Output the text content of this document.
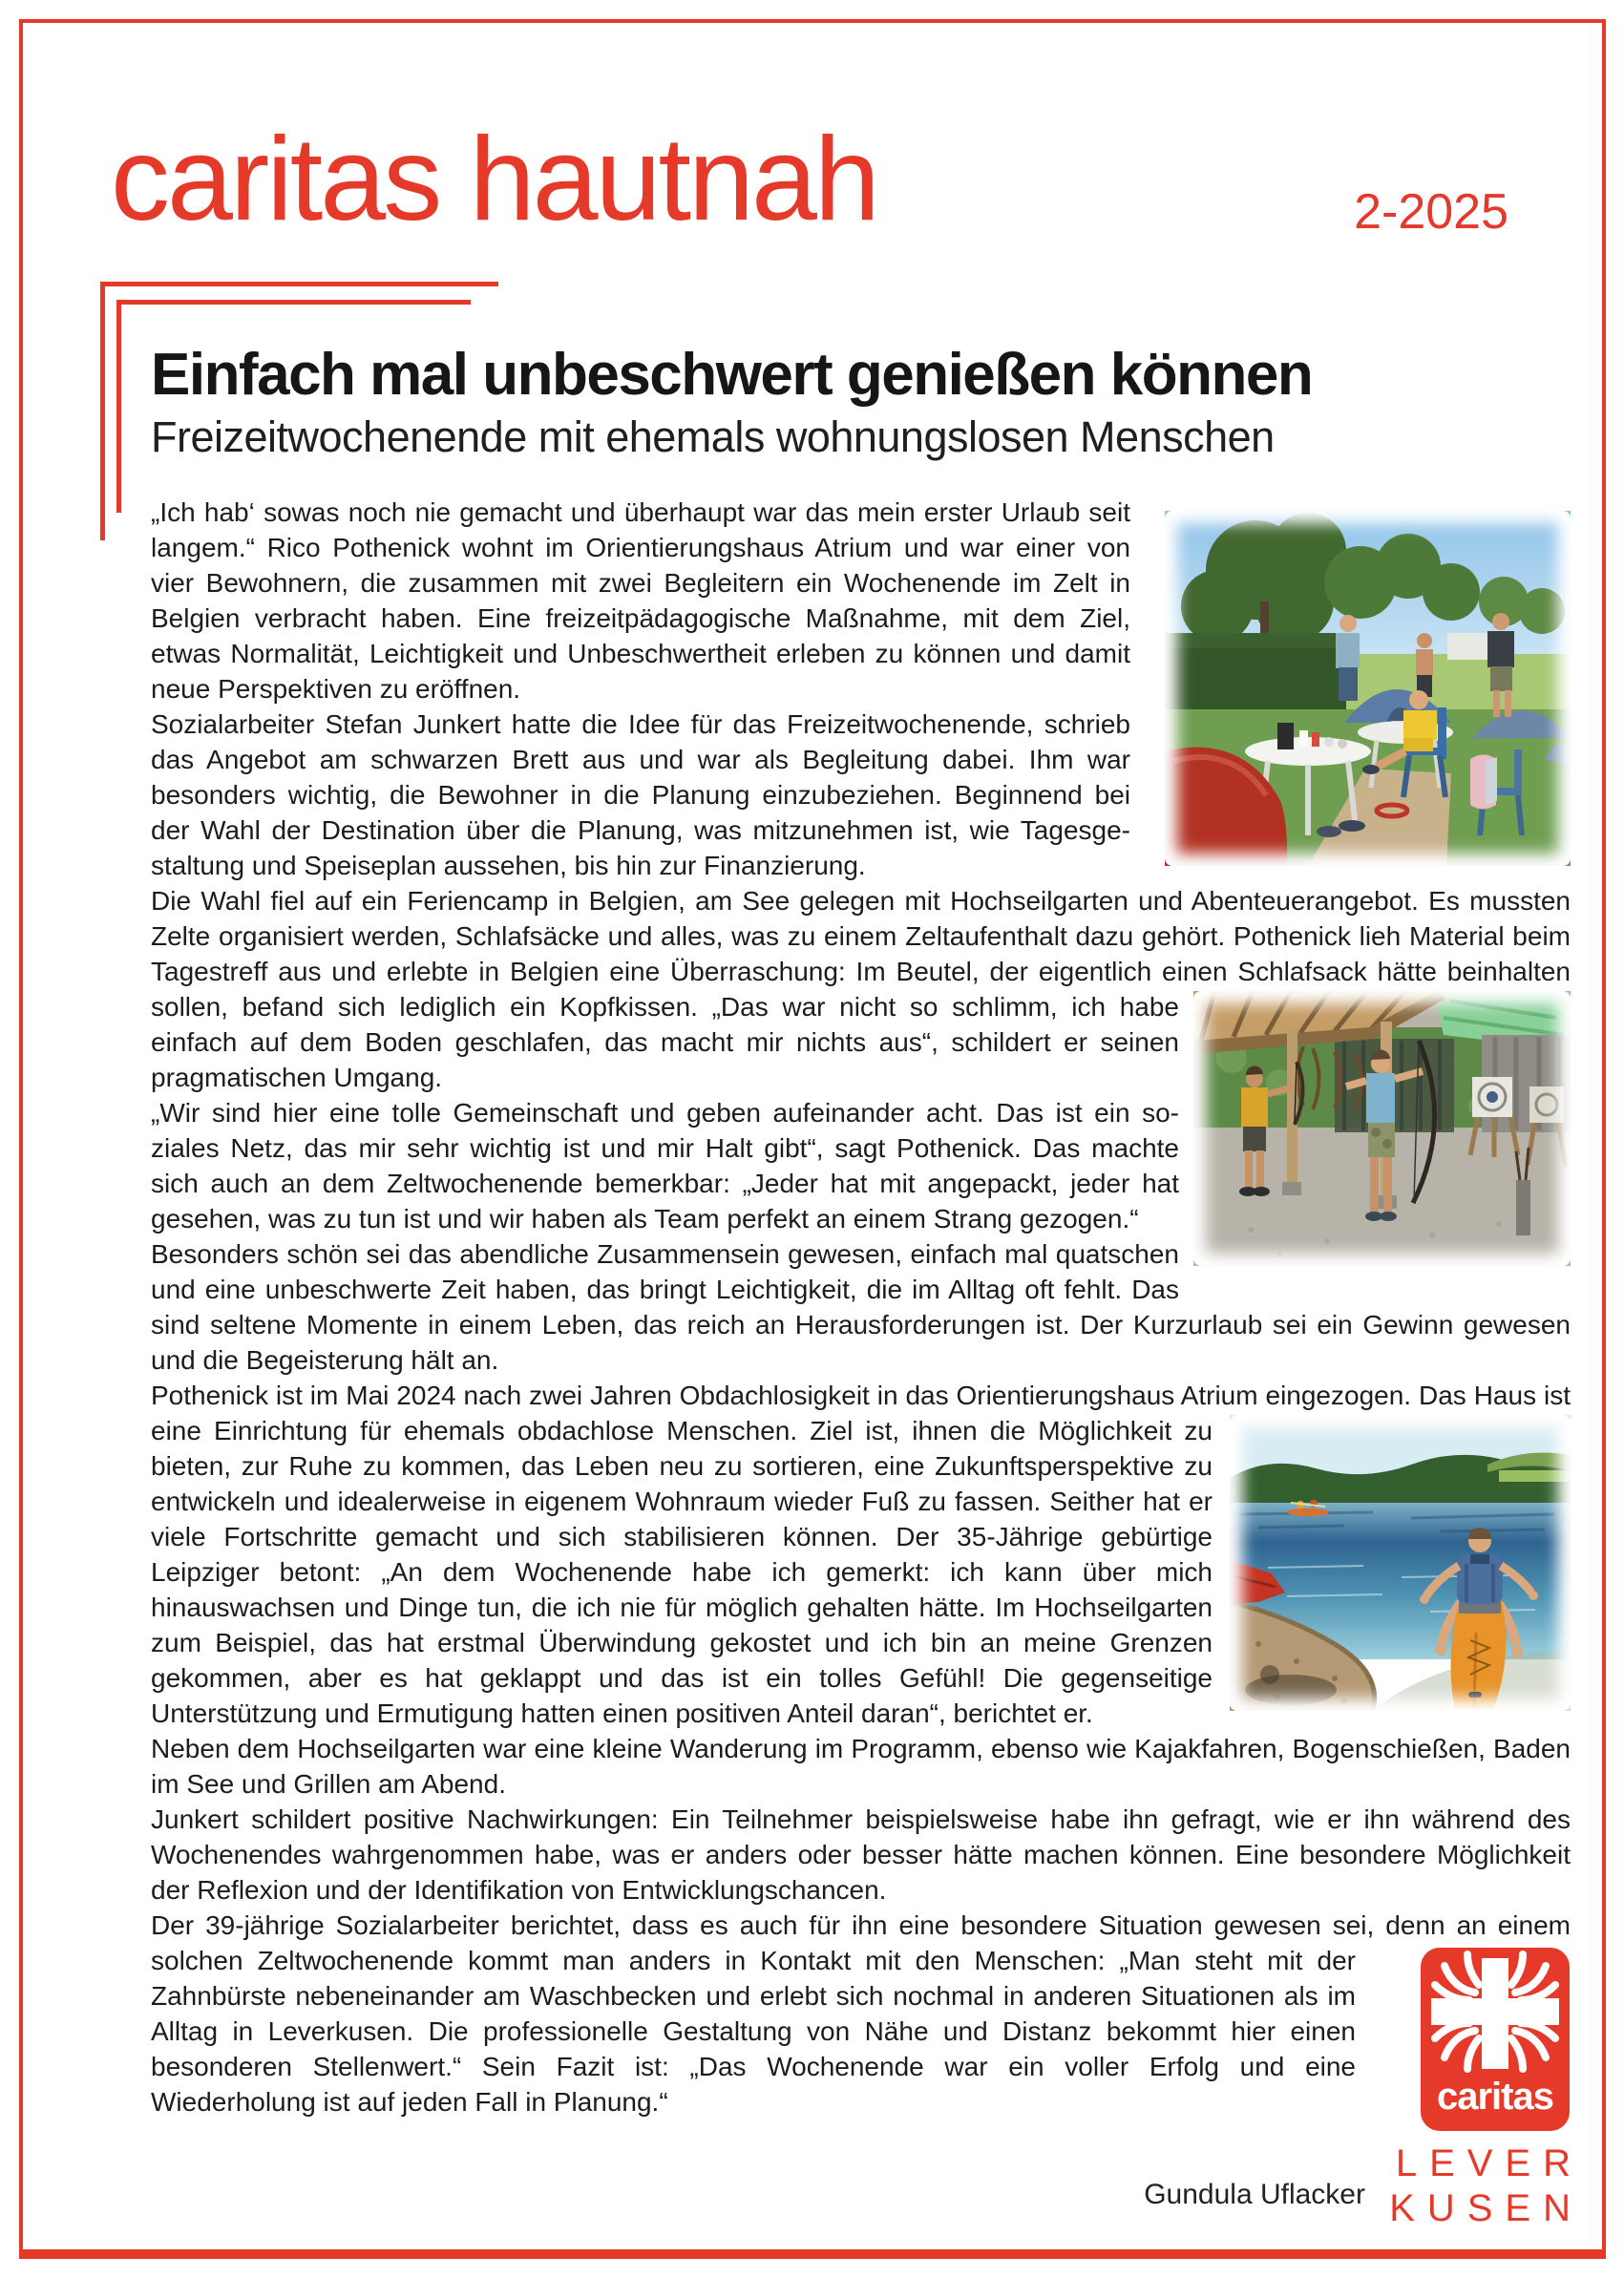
caritas hautnah	2-2025
Einfach mal unbeschwert genießen können
Freizeitwochenende mit ehemals wohnungslosen Menschen

„Ich hab‘ sowas noch nie gemacht und überhaupt war das mein erster Urlaub seit langem.“ Rico Pothenick wohnt im Orientierungshaus Atrium und war einer von vier Bewohnern, die zusammen mit zwei Begleitern ein Wochenende im Zelt in Belgien verbracht haben. Eine freizeitpädagogische Maßnahme, mit dem Ziel, etwas Normalität, Leichtigkeit und Unbeschwertheit erleben zu können und damit neue Perspektiven zu eröffnen.

Sozialarbeiter Stefan Junkert hatte die Idee für das Freizeitwochenende, schrieb das Angebot am schwarzen Brett aus und war als Begleitung dabei. Ihm war besonders wichtig, die Bewohner in die Planung einzubeziehen. Beginnend bei der Wahl der Destination über die Planung, was mitzunehmen ist, wie Tagesgestaltung und Speiseplan aussehen, bis hin zur Finanzierung.

Die Wahl fiel auf ein Feriencamp in Belgien, am See gelegen mit Hochseilgarten und Abenteuerangebot. Es mussten Zelte organisiert werden, Schlafsäcke und alles, was zu einem Zeltaufenthalt dazu gehört. Pothenick lieh Material beim Tagestreff aus und erlebte in Belgien eine Überraschung: Im Beutel, der eigentlich einen
Schlafsack hätte beinhalten sollen, befand sich lediglich ein Kopfkissen. „Das war nicht so schlimm, ich habe einfach auf dem Boden geschlafen, das macht mir nichts aus“, schildert er seinen pragmatischen Umgang.

„Wir sind hier eine tolle Gemeinschaft und geben aufeinander acht. Das ist ein soziales Netz, das mir sehr wichtig ist und mir Halt gibt“, sagt Pothenick. Das machte sich auch an dem Zeltwochenende bemerkbar: „Jeder hat mit angepackt, jeder hat gesehen, was zu tun ist und wir haben als Team perfekt an einem Strang gezogen.“

Besonders schön sei das abendliche Zusammensein gewesen, einfach mal quatschen und eine unbeschwerte Zeit haben, das bringt Leichtigkeit, die im Alltag oft fehlt. Das sind seltene Momente in einem Leben, das reich an Herausforderungen ist. Der Kurzurlaub sei ein Gewinn gewesen und die Begeisterung hält an.

Pothenick ist im Mai 2024 nach zwei Jahren Obdachlosigkeit in das Orientierungshaus Atrium eingezogen. Das
Haus ist eine Einrichtung für ehemals obdachlose Menschen. Ziel ist, ihnen die Möglichkeit zu bieten, zur Ruhe zu kommen, das Leben neu zu sortieren, eine Zukunftsperspektive zu entwickeln und idealerweise in eigenem Wohnraum wieder Fuß zu fassen. Seither hat er viele Fortschritte gemacht und sich stabilisieren können. Der 35-Jährige gebürtige Leipziger betont: „An dem Wochenende habe ich gemerkt: ich kann über mich hinauswachsen und Dinge tun, die ich nie für möglich gehalten hätte. Im Hochseilgarten zum Beispiel, das hat erstmal Überwindung gekostet und ich bin an meine Grenzen gekommen, aber es hat geklappt und das ist ein tolles Gefühl! Die gegenseitige Unterstützung und Ermutigung hatten einen positiven Anteil daran“, berichtet er.

Neben dem Hochseilgarten war eine kleine Wanderung im Programm, ebenso wie Kajakfahren, Bogenschießen, Baden im See und Grillen am Abend.

Junkert schildert positive Nachwirkungen: Ein Teilnehmer beispielsweise habe ihn gefragt, wie er ihn während des Wochenendes wahrgenommen habe, was er anders oder besser hätte machen können. Eine besondere Möglichkeit der Reflexion und der Identifikation von Entwicklungschancen.

Der 39-jährige Sozialarbeiter berichtet, dass es auch für ihn eine besondere Situation gewesen sei, denn an einem solchen Zeltwochenende kommt man anders in Kontakt mit den Menschen: „Man
caritas
LEVER
KUSEN
steht mit der Zahnbürste nebeneinander am Waschbecken und erlebt sich nochmal in anderen Situationen als im Alltag in Leverkusen. Die professionelle Gestaltung von Nähe und Distanz bekommt hier einen besonderen Stellenwert.“ Sein Fazit ist: „Das Wochenende war ein voller Erfolg und eine Wiederholung ist auf jeden Fall in Planung.“

Gundula Uflacker
